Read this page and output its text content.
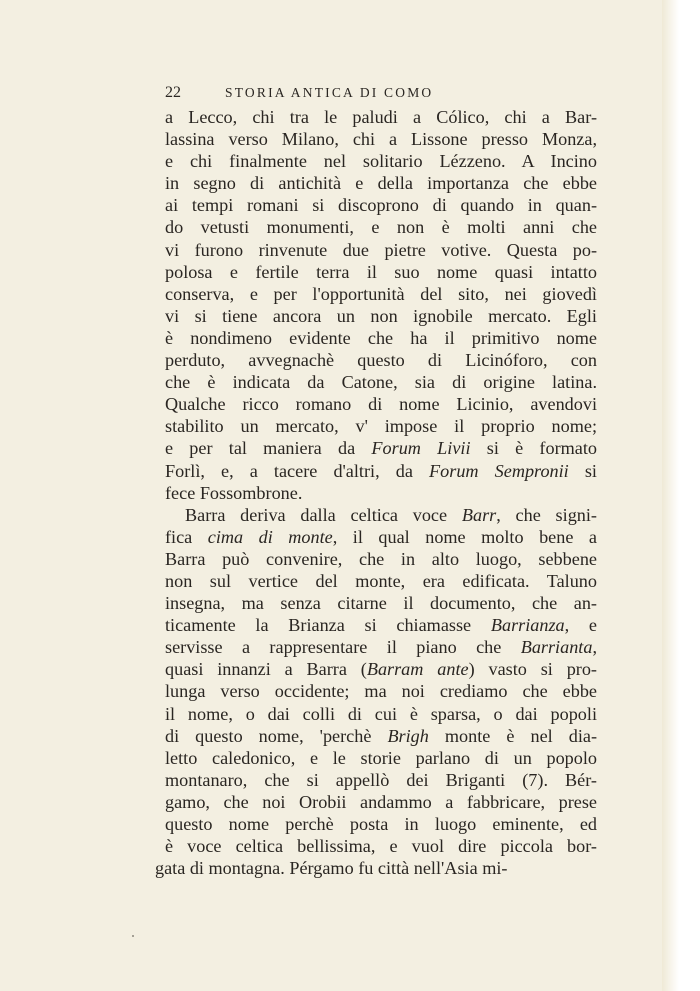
22	STORIA ANTICA DI COMO
a Lecco, chi tra le paludi a Cólico, chi a Bar-
lassina verso Milano, chi a Lissone presso Monza,
e chi finalmente nel solitario Lézzeno. A Incino
in segno di antichità e della importanza che ebbe
ai tempi romani si discoprono di quando in quan-
do vetusti monumenti, e non è molti anni che
vi furono rinvenute due pietre votive. Questa po-
polosa e fertile terra il suo nome quasi intatto
conserva, e per l'opportunità del sito, nei giovedì
vi si tiene ancora un non ignobile mercato. Egli
è nondimeno evidente che ha il primitivo nome
perduto, avvegnachè questo di Licinóforo, con
che è indicata da Catone, sia di origine latina.
Qualche ricco romano di nome Licinio, avendovi
stabilito un mercato, v' impose il proprio nome;
e per tal maniera da Forum Livii si è formato
Forlì, e, a tacere d'altri, da Forum Sempronii si
fece Fossombrone.
Barra deriva dalla celtica voce Barr, che signi-
fica cima di monte, il qual nome molto bene a
Barra può convenire, che in alto luogo, sebbene
non sul vertice del monte, era edificata. Taluno
insegna, ma senza citarne il documento, che an-
ticamente la Brianza si chiamasse Barrianza, e
servisse a rappresentare il piano che Barrianta,
quasi innanzi a Barra (Barram ante) vasto si pro-
lunga verso occidente; ma noi crediamo che ebbe
il nome, o dai colli di cui è sparsa, o dai popoli
di questo nome, 'perchè Brigh monte è nel dia-
letto caledonico, e le storie parlano di un popolo
montanaro, che si appellò dei Briganti (7). Bér-
gamo, che noi Orobii andammo a fabbricare, prese
questo nome perchè posta in luogo eminente, ed
è voce celtica bellissima, e vuol dire piccola bor-
gata di montagna. Pérgamo fu città nell'Asia mi-
